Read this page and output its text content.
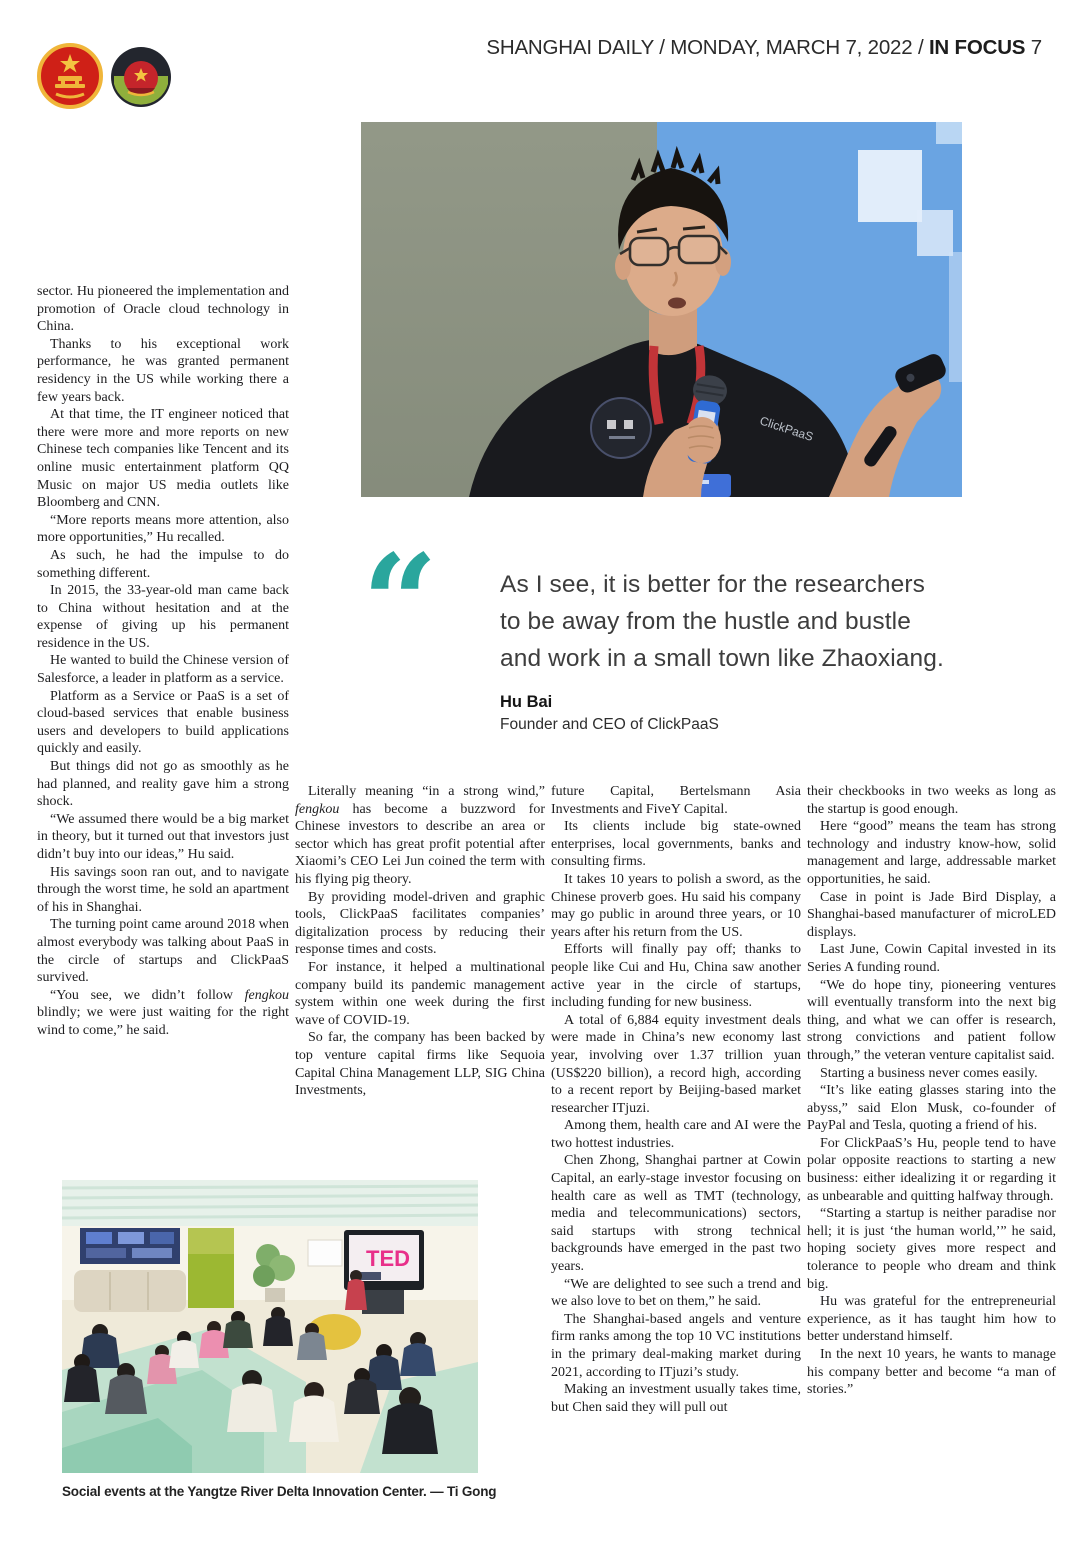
SHANGHAI DAILY / MONDAY, MARCH 7, 2022 / IN FOCUS 7
ClickPaaS
“	As I see, it is better for the researchers to be away from the hustle and bustle and work in a small town like Zhaoxiang.

Hu Bai

Founder and CEO of ClickPaaS

sector. Hu pioneered the implementation and promotion of Oracle cloud technology in China.

Thanks to his exceptional work performance, he was granted permanent residency in the US while working there a few years back.

At that time, the IT engineer noticed that there were more and more reports on new Chinese tech companies like Tencent and its online music entertainment platform QQ Music on major US media outlets like Bloomberg and CNN.

“More reports means more attention, also more opportunities,” Hu recalled.

As such, he had the impulse to do something different.

In 2015, the 33-year-old man came back to China without hesitation and at the expense of giving up his permanent residence in the US.

He wanted to build the Chinese version of Salesforce, a leader in platform as a service.

Platform as a Service or PaaS is a set of cloud-based services that enable business users and developers to build applications quickly and easily.

But things did not go as smoothly as he had planned, and reality gave him a strong shock.

“We assumed there would be a big market in theory, but it turned out that investors just didn’t buy into our ideas,” Hu said.

His savings soon ran out, and to navigate through the worst time, he sold an apartment of his in Shanghai.

The turning point came around 2018 when almost everybody was talking about PaaS in the circle of startups and ClickPaaS survived.

“You see, we didn’t follow fengkou blindly; we were just waiting for the right wind to come,” he said.

Literally meaning “in a strong wind,” fengkou has become a buzzword for Chinese investors to describe an area or sector which has great profit potential after Xiaomi’s CEO Lei Jun coined the term with his flying pig theory.

By providing model-driven and graphic tools, ClickPaaS facilitates companies’ digitalization process by reducing their response times and costs.

For instance, it helped a multinational company build its pandemic management system within one week during the first wave of COVID-19.

So far, the company has been backed by top venture capital firms like Sequoia Capital China Management LLP, SIG China Investments,

future Capital, Bertelsmann Asia Investments and FiveY Capital.

Its clients include big state-owned enterprises, local governments, banks and consulting firms.

It takes 10 years to polish a sword, as the Chinese proverb goes. Hu said his company may go public in around three years, or 10 years after his return from the US.

Efforts will finally pay off; thanks to people like Cui and Hu, China saw another active year in the circle of startups, including funding for new business.

A total of 6,884 equity investment deals were made in China’s new economy last year, involving over 1.37 trillion yuan (US$220 billion), a record high, according to a recent report by Beijing-based market researcher ITjuzi.

Among them, health care and AI were the two hottest industries.

Chen Zhong, Shanghai partner at Cowin Capital, an early-stage investor focusing on health care as well as TMT (technology, media and telecommunications) sectors, said startups with strong technical backgrounds have emerged in the past two years.

“We are delighted to see such a trend and we also love to bet on them,” he said.

The Shanghai-based angels and venture firm ranks among the top 10 VC institutions in the primary deal-making market during 2021, according to ITjuzi’s study.

Making an investment usually takes time, but Chen said they will pull out

their checkbooks in two weeks as long as the startup is good enough.

Here “good” means the team has strong technology and industry know-how, solid management and large, addressable market opportunities, he said.

Case in point is Jade Bird Display, a Shanghai-based manufacturer of microLED displays.

Last June, Cowin Capital invested in its Series A funding round.

“We do hope tiny, pioneering ventures will eventually transform into the next big thing, and what we can offer is research, strong convictions and patient follow through,” the veteran venture capitalist said.

Starting a business never comes easily.

“It’s like eating glasses staring into the abyss,” said Elon Musk, co-founder of PayPal and Tesla, quoting a friend of his.

For ClickPaaS’s Hu, people tend to have polar opposite reactions to starting a new business: either idealizing it or regarding it as unbearable and quitting halfway through.

“Starting a startup is neither paradise nor hell; it is just ‘the human world,’” he said, hoping society gives more respect and tolerance to people who dream and think big.

Hu was grateful for the entrepreneurial experience, as it has taught him how to better understand himself.

In the next 10 years, he wants to manage his company better and become “a man of stories.”

TED
Social events at the Yangtze River Delta Innovation Center. — Ti Gong
